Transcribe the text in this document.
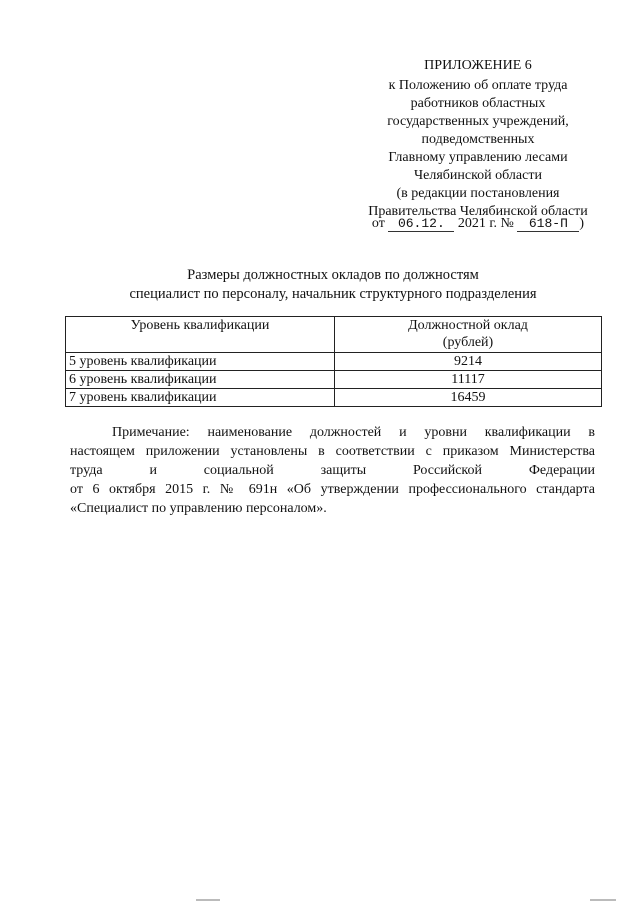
ПРИЛОЖЕНИЕ 6
к Положению об оплате труда
работников областных
государственных учреждений,
подведомственных
Главному управлению лесами
Челябинской области
(в редакции постановления
Правительства Челябинской области
от 06.12. 2021 г. № 618-П )
Размеры должностных окладов по должностям
специалист по персоналу, начальник структурного подразделения
Уровень квалификации	Должностной оклад
(рублей)

5 уровень квалификации	9214
6 уровень квалификации	11117
7 уровень квалификации	16459
Примечание: наименование должностей и уровни квалификации в
настоящем приложении установлены в соответствии с приказом Министерства
труда и социальной защиты Российской Федерации
от 6 октября 2015 г. № 691н «Об утверждении профессионального стандарта
«Специалист по управлению персоналом».
